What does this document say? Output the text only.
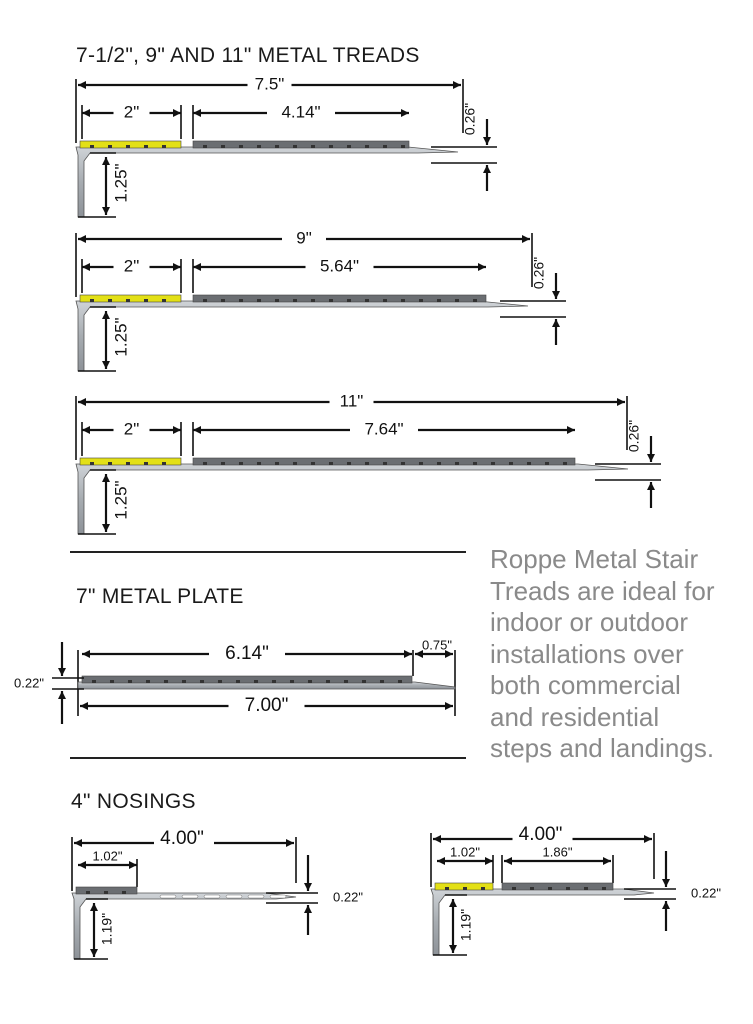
7-1/2", 9" AND 11" METAL TREADS
7" METAL PLATE
4" NOSINGS
Roppe Metal Stair
Treads are ideal for
indoor or outdoor
installations over
both commercial
and residential
steps and landings.
7.5"
2"	4.14"	0.26"
1.25"
9"
2"	5.64"	0.26"
1.25"
11"
2"	7.64"	0.26"
1.25"
6.14"	0.75"
7.00"
0.22"
4.00"
1.02"
0.22"
1.19"
4.00"
1.02"	1.86"
0.22"
1.19"
